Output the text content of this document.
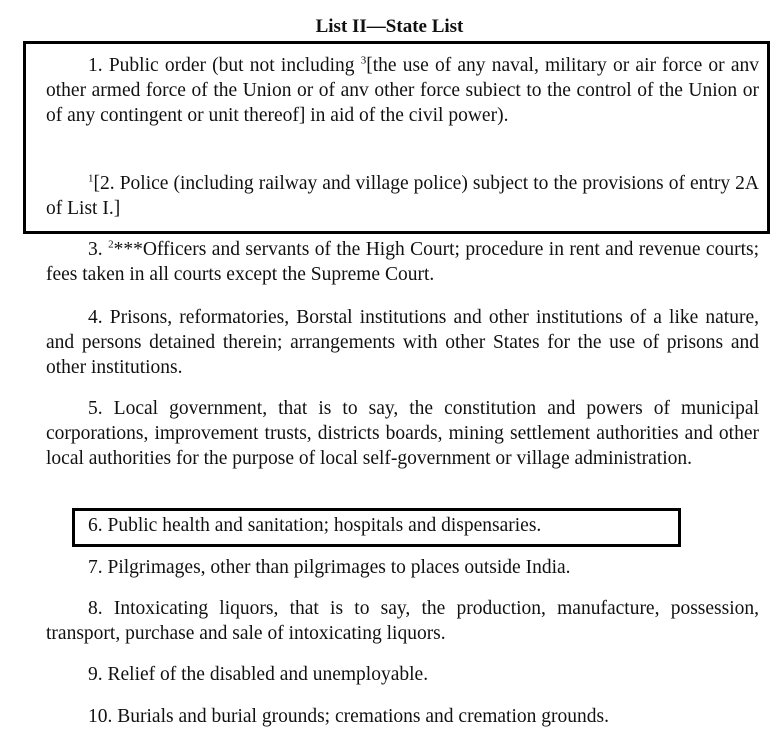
List II—State List

1. Public order (but not including $^3$[the use of any naval, military or air force or anv other armed force of the Union or of anv other force subiect to the control of the Union or of any contingent or unit thereof] in aid of the civil power).

$^1$[2. Police (including railway and village police) subject to the provisions of entry 2A of List I.]

3. $^2$***Officers and servants of the High Court; procedure in rent and revenue courts; fees taken in all courts except the Supreme Court.

4. Prisons, reformatories, Borstal institutions and other institutions of a like nature, and persons detained therein; arrangements with other States for the use of prisons and other institutions.

5. Local government, that is to say, the constitution and powers of municipal corporations, improvement trusts, districts boards, mining settlement authorities and other local authorities for the purpose of local self-government or village administration.

6. Public health and sanitation; hospitals and dispensaries.

7. Pilgrimages, other than pilgrimages to places outside India.

8. Intoxicating liquors, that is to say, the production, manufacture, possession, transport, purchase and sale of intoxicating liquors.

9. Relief of the disabled and unemployable.

10. Burials and burial grounds; cremations and cremation grounds.
